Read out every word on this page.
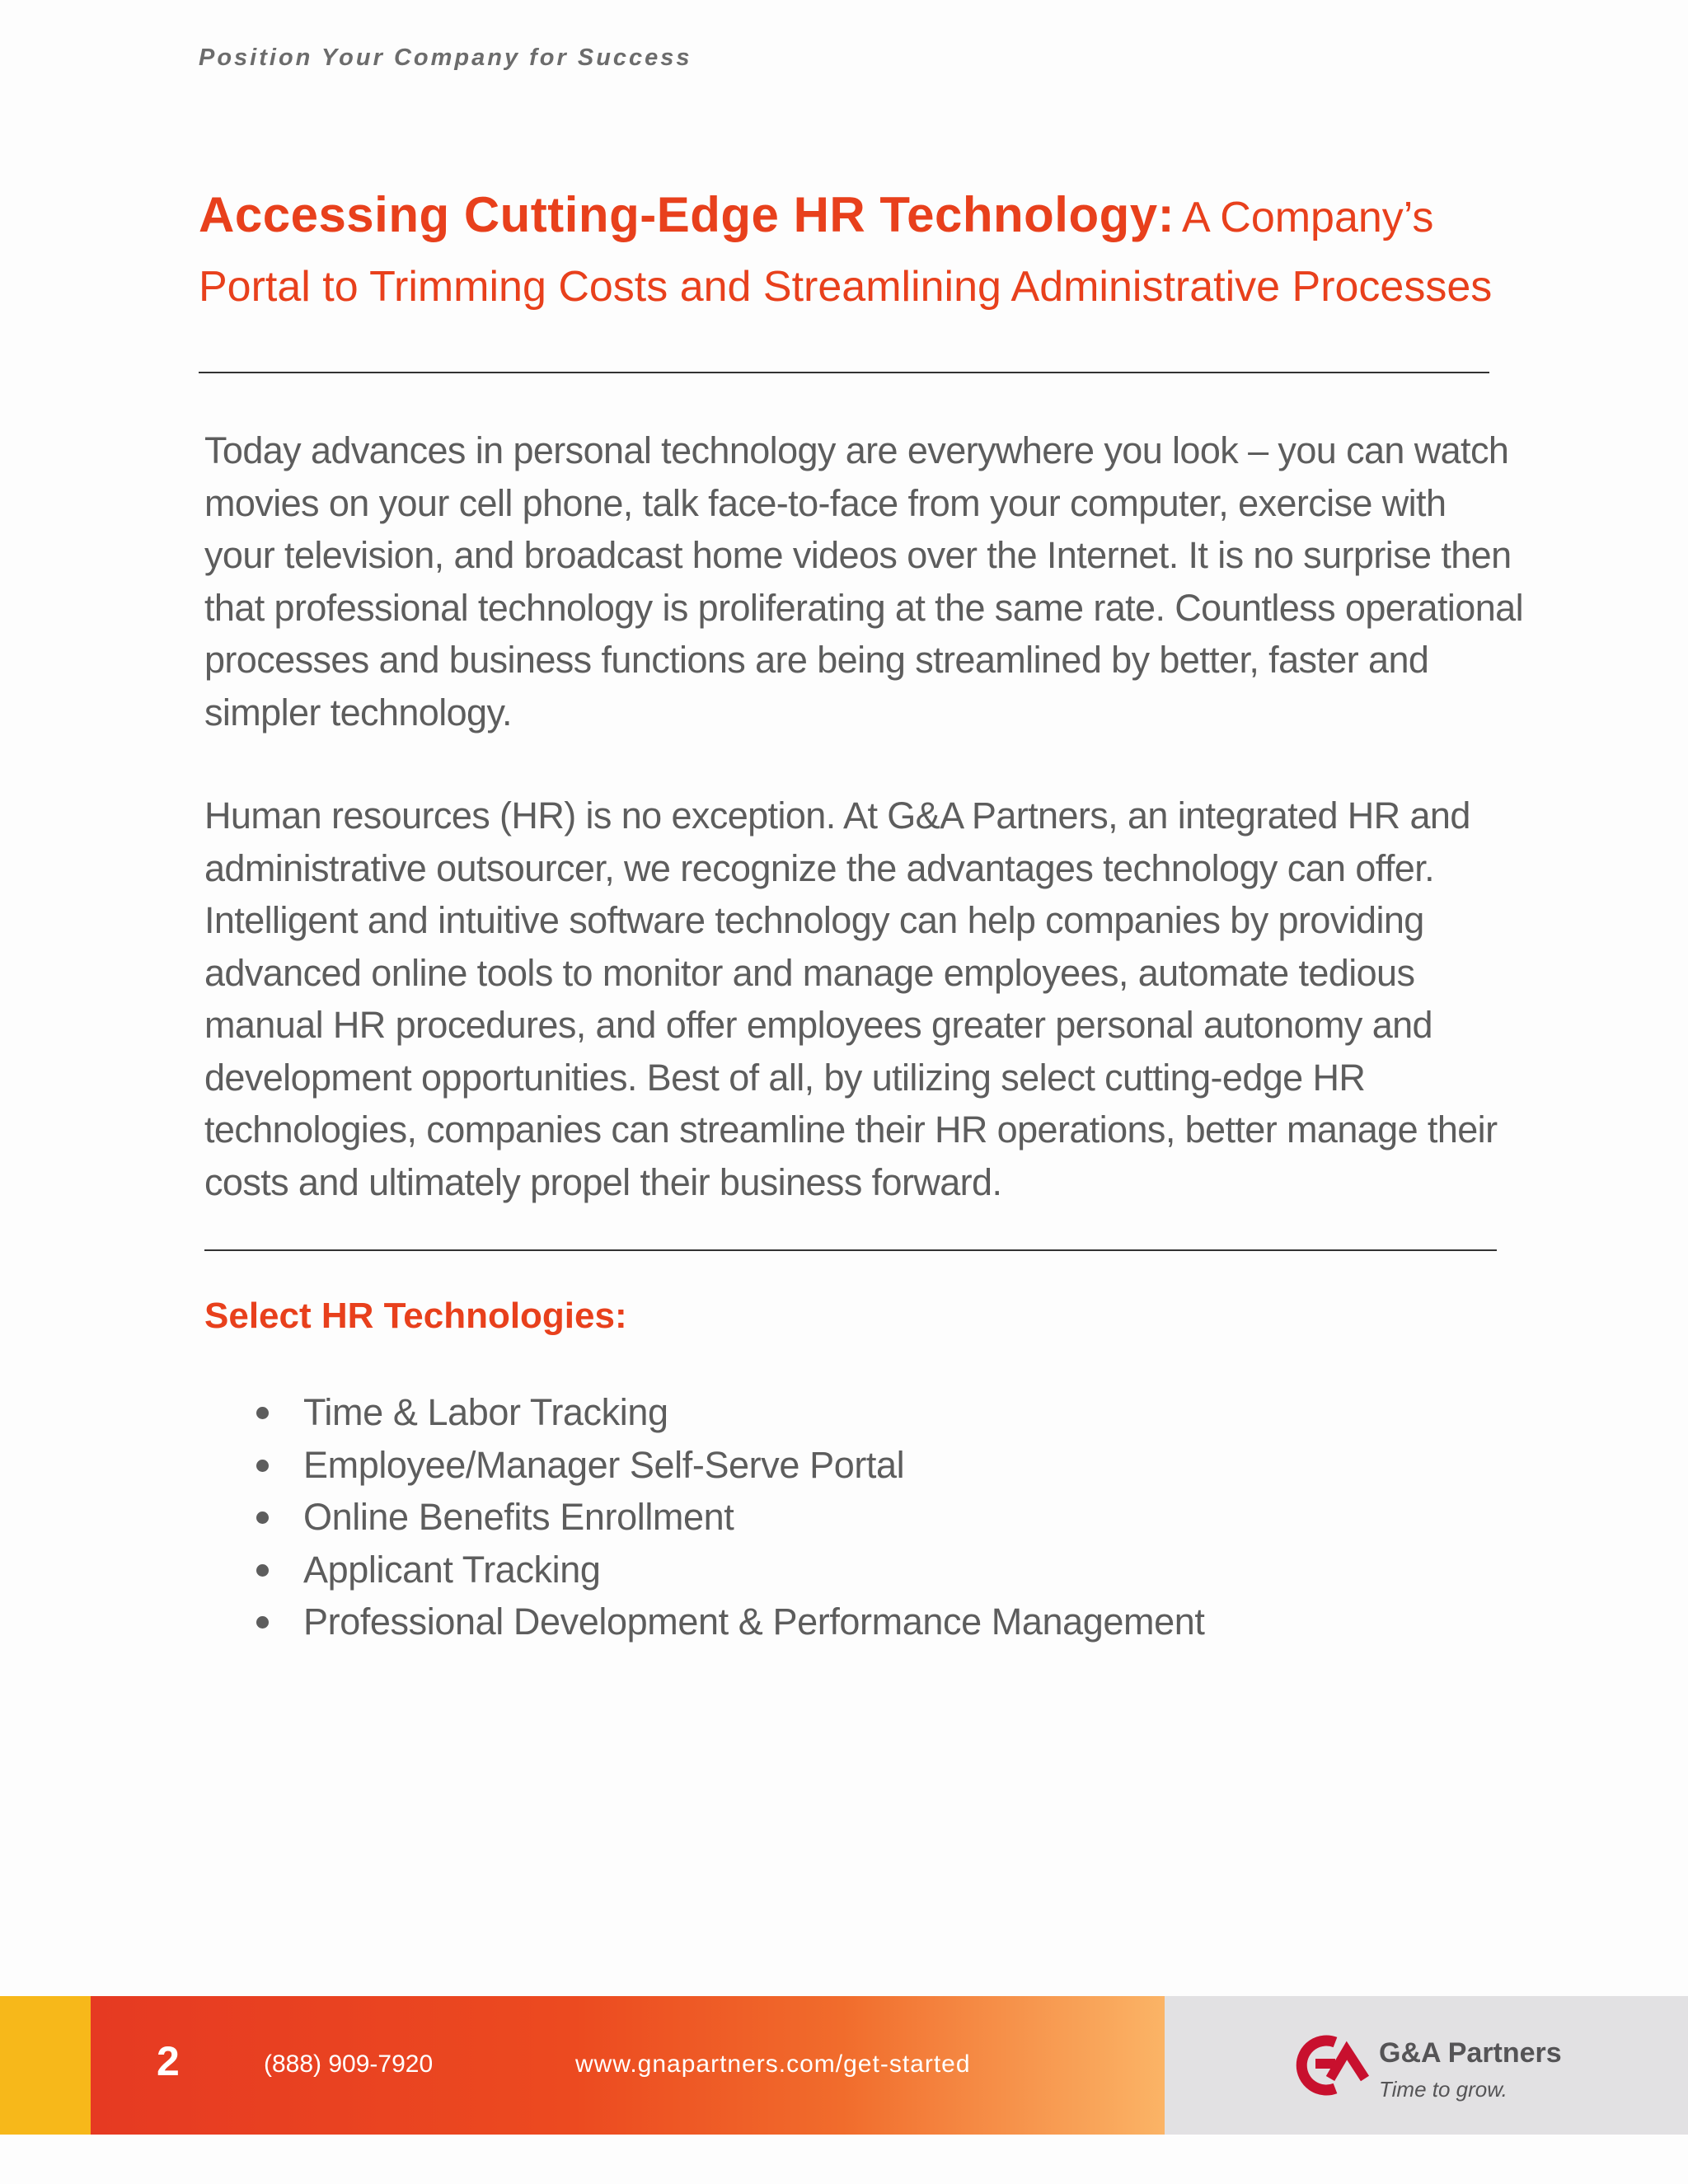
Position Your Company for Success
Accessing Cutting-Edge HR Technology: A Company’s Portal to Trimming Costs and Streamlining Administrative Processes

Today advances in personal technology are everywhere you look – you can watch movies on your cell phone, talk face-to-face from your computer, exercise with your television, and broadcast home videos over the Internet. It is no surprise then that professional technology is proliferating at the same rate. Countless operational processes and business functions are being streamlined by better, faster and simpler technology.

Human resources (HR) is no exception. At G&A Partners, an integrated HR and administrative outsourcer, we recognize the advantages technology can offer. Intelligent and intuitive software technology can help companies by providing advanced online tools to monitor and manage employees, automate tedious manual HR procedures, and offer employees greater personal autonomy and development opportunities. Best of all, by utilizing select cutting-edge HR technologies, companies can streamline their HR operations, better manage their costs and ultimately propel their business forward.

Select HR Technologies:
Time & Labor Tracking
Employee/Manager Self-Serve Portal
Online Benefits Enrollment
Applicant Tracking
Professional Development & Performance Management
2	(888) 909-7920	www.gnapartners.com/get-started	G&A Partners
Time to grow.
